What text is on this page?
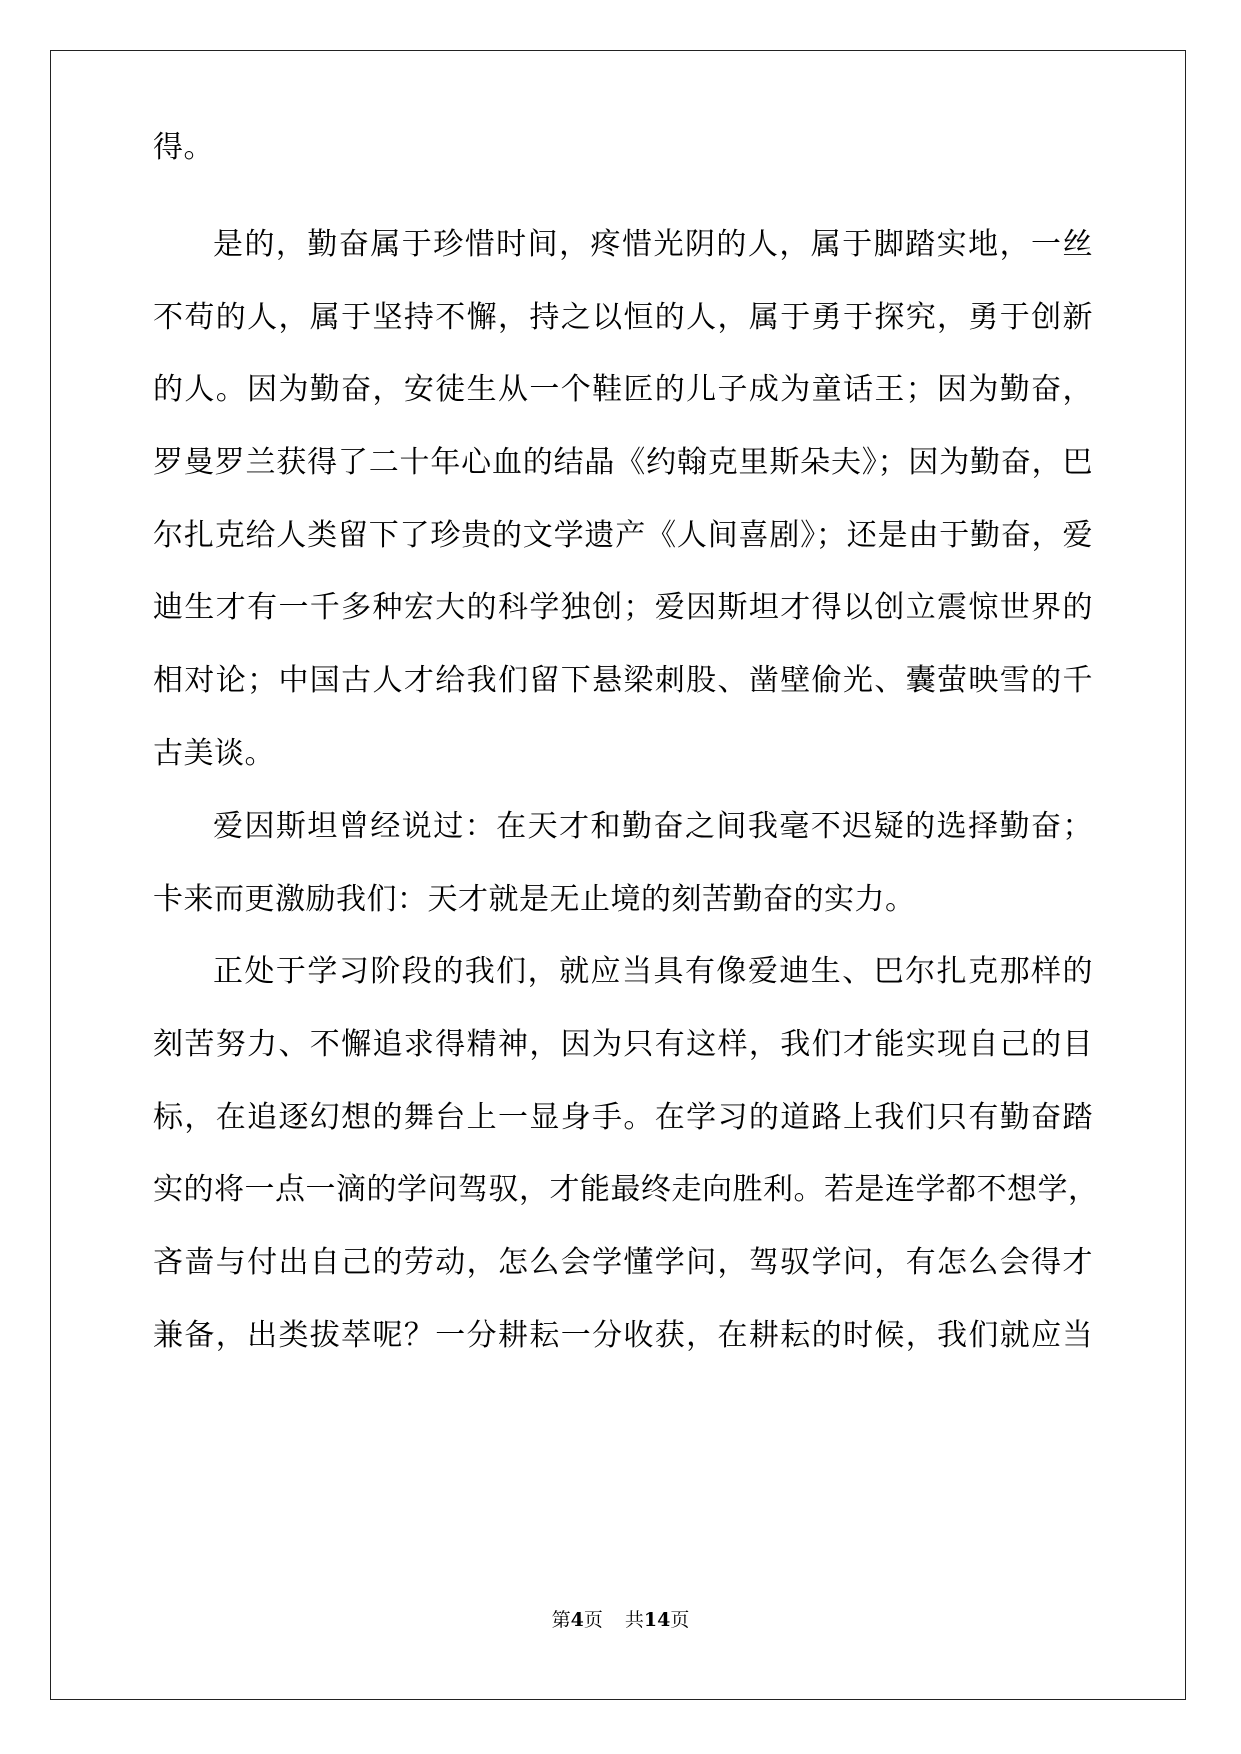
得。
是的，勤奋属于珍惜时间，疼惜光阴的人，属于脚踏实地，一丝
不苟的人，属于坚持不懈，持之以恒的人，属于勇于探究，勇于创新
的人。因为勤奋，安徒生从一个鞋匠的儿子成为童话王；因为勤奋，
罗曼罗兰获得了二十年心血的结晶《约翰克里斯朵夫》；因为勤奋，巴
尔扎克给人类留下了珍贵的文学遗产《人间喜剧》；还是由于勤奋，爱
迪生才有一千多种宏大的科学独创；爱因斯坦才得以创立震惊世界的
相对论；中国古人才给我们留下悬梁刺股、凿壁偷光、囊萤映雪的千
古美谈。
爱因斯坦曾经说过：在天才和勤奋之间我毫不迟疑的选择勤奋；
卡来而更激励我们：天才就是无止境的刻苦勤奋的实力。
正处于学习阶段的我们，就应当具有像爱迪生、巴尔扎克那样的
刻苦努力、不懈追求得精神，因为只有这样，我们才能实现自己的目
标，在追逐幻想的舞台上一显身手。在学习的道路上我们只有勤奋踏
实的将一点一滴的学问驾驭，才能最终走向胜利。若是连学都不想学，
吝啬与付出自己的劳动，怎么会学懂学问，驾驭学问，有怎么会得才
兼备，出类拔萃呢？一分耕耘一分收获，在耕耘的时候，我们就应当
第4页 共14页
